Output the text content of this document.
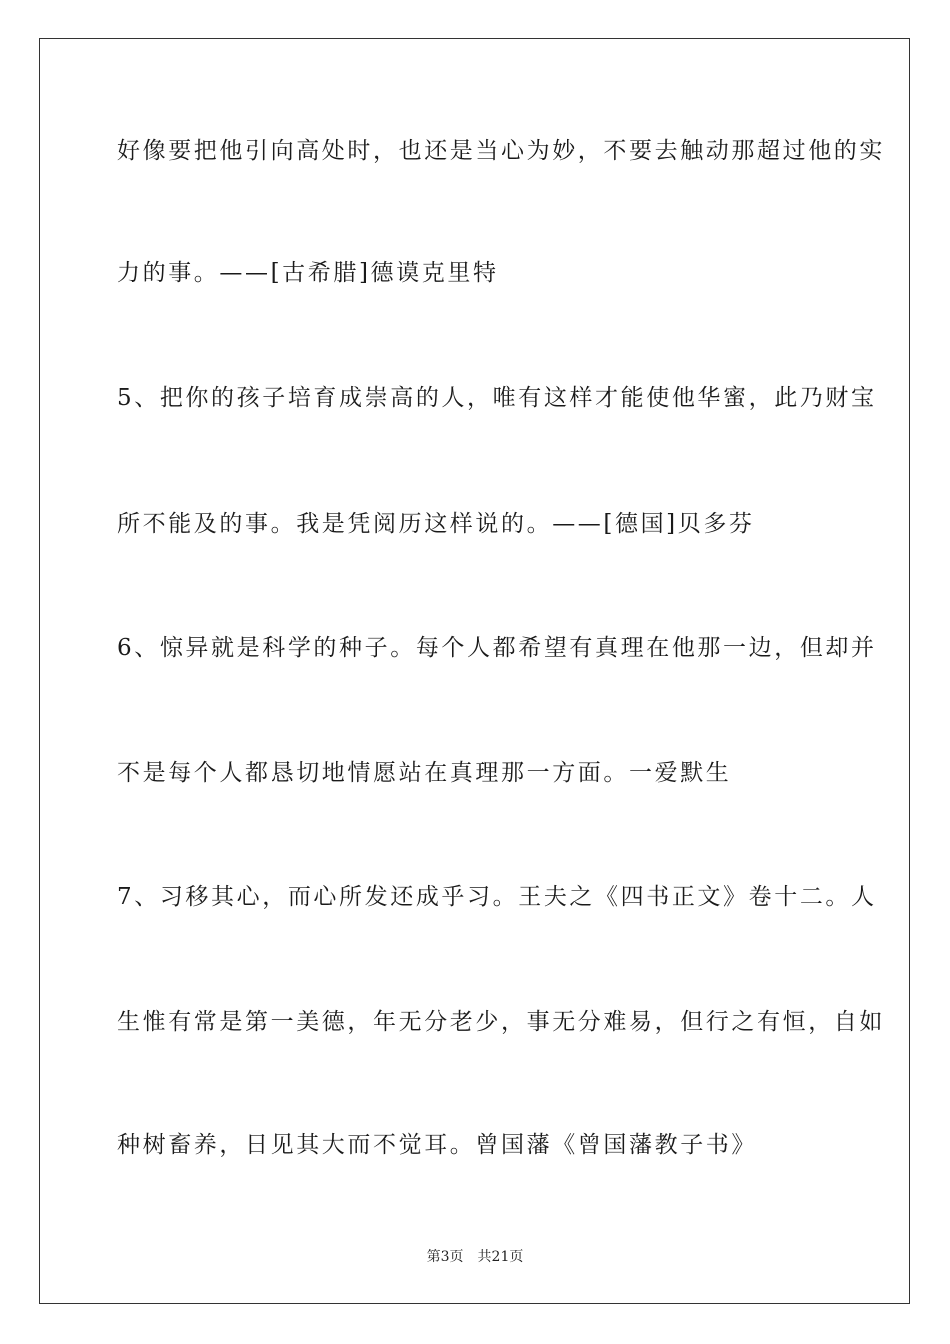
好像要把他引向高处时，也还是当心为妙，不要去触动那超过他的实
力的事。——[古希腊]德谟克里特
5、把你的孩子培育成崇高的人，唯有这样才能使他华蜜，此乃财宝
所不能及的事。我是凭阅历这样说的。——[德国]贝多芬
6、惊异就是科学的种子。每个人都希望有真理在他那一边，但却并
不是每个人都恳切地情愿站在真理那一方面。一爱默生
7、习移其心，而心所发还成乎习。王夫之《四书正文》卷十二。人
生惟有常是第一美德，年无分老少，事无分难易，但行之有恒，自如
种树畜养，日见其大而不觉耳。曾国藩《曾国藩教子书》
第3页 共21页
